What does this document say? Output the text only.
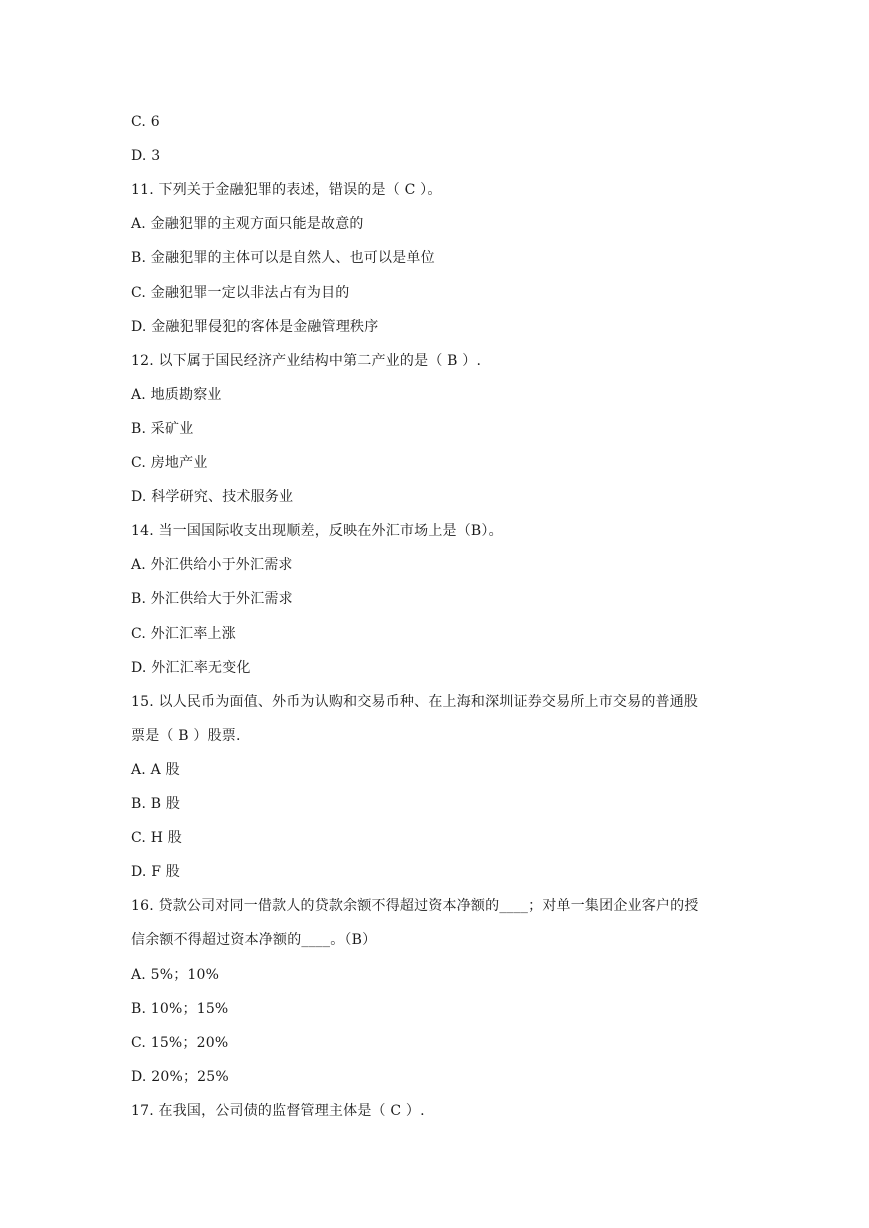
C. 6
D. 3
11. 下列关于金融犯罪的表述，错误的是（ C ）。
A. 金融犯罪的主观方面只能是故意的
B. 金融犯罪的主体可以是自然人、也可以是单位
C. 金融犯罪一定以非法占有为目的
D. 金融犯罪侵犯的客体是金融管理秩序
12. 以下属于国民经济产业结构中第二产业的是（ B ）.
A. 地质勘察业
B. 采矿业
C. 房地产业
D. 科学研究、技术服务业
14. 当一国国际收支出现顺差，反映在外汇市场上是（B）。
A. 外汇供给小于外汇需求
B. 外汇供给大于外汇需求
C. 外汇汇率上涨
D. 外汇汇率无变化
15. 以人民币为面值、外币为认购和交易币种、在上海和深圳证券交易所上市交易的普通股
票是（ B ）股票.
A. A 股
B. B 股
C. H 股
D. F 股
16. 贷款公司对同一借款人的贷款余额不得超过资本净额的____；对单一集团企业客户的授
信余额不得超过资本净额的____。（B）
A. 5%；10%
B. 10%；15%
C. 15%；20%
D. 20%；25%
17. 在我国，公司债的监督管理主体是（ C ）.
